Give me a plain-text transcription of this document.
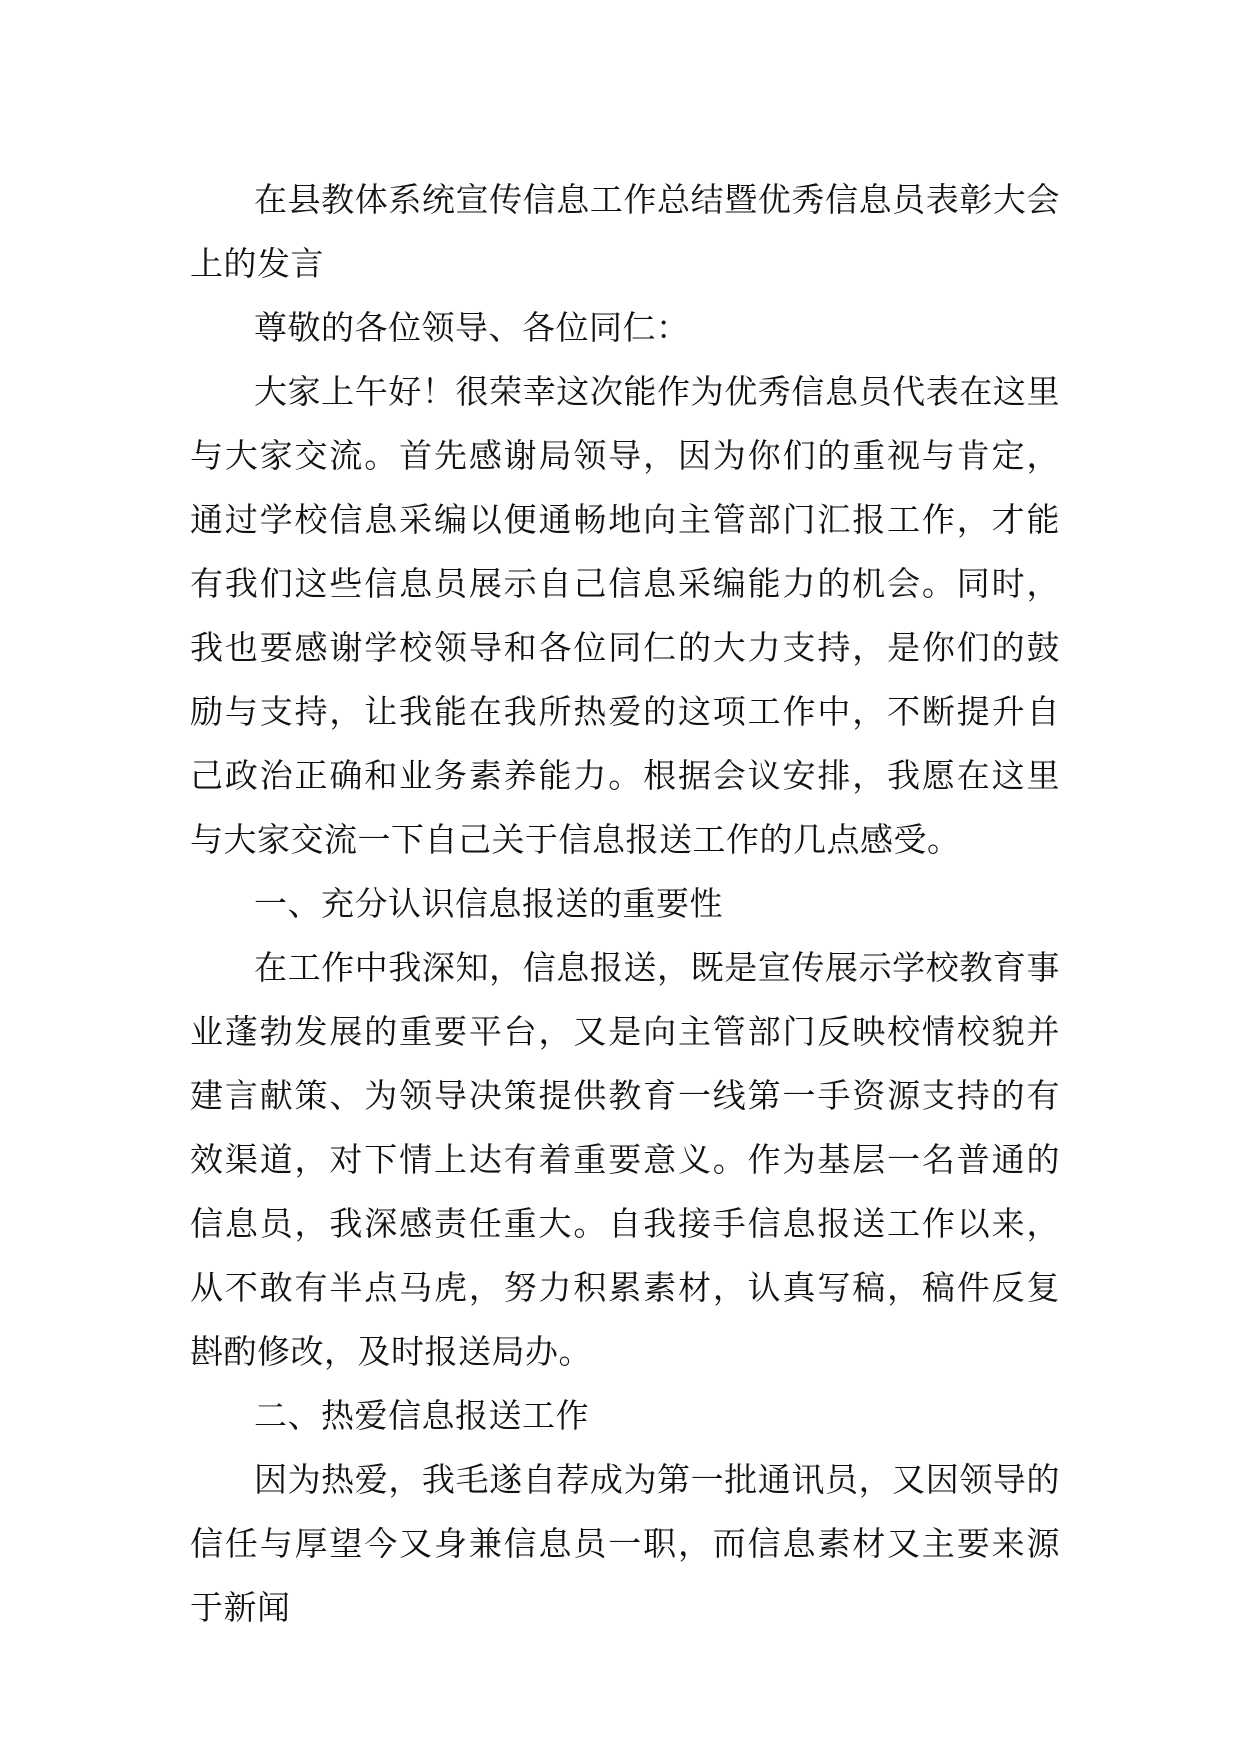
在县教体系统宣传信息工作总结暨优秀信息员表彰大会上的发言

尊敬的各位领导、各位同仁：

大家上午好！很荣幸这次能作为优秀信息员代表在这里与大家交流。首先感谢局领导，因为你们的重视与肯定，通过学校信息采编以便通畅地向主管部门汇报工作，才能有我们这些信息员展示自己信息采编能力的机会。同时，我也要感谢学校领导和各位同仁的大力支持，是你们的鼓励与支持，让我能在我所热爱的这项工作中，不断提升自己政治正确和业务素养能力。根据会议安排，我愿在这里与大家交流一下自己关于信息报送工作的几点感受。

一、充分认识信息报送的重要性

在工作中我深知，信息报送，既是宣传展示学校教育事业蓬勃发展的重要平台，又是向主管部门反映校情校貌并建言献策、为领导决策提供教育一线第一手资源支持的有效渠道，对下情上达有着重要意义。作为基层一名普通的信息员，我深感责任重大。自我接手信息报送工作以来，从不敢有半点马虎，努力积累素材，认真写稿，稿件反复斟酌修改，及时报送局办。

二、热爱信息报送工作

因为热爱，我毛遂自荐成为第一批通讯员，又因领导的信任与厚望今又身兼信息员一职，而信息素材又主要来源于新闻
